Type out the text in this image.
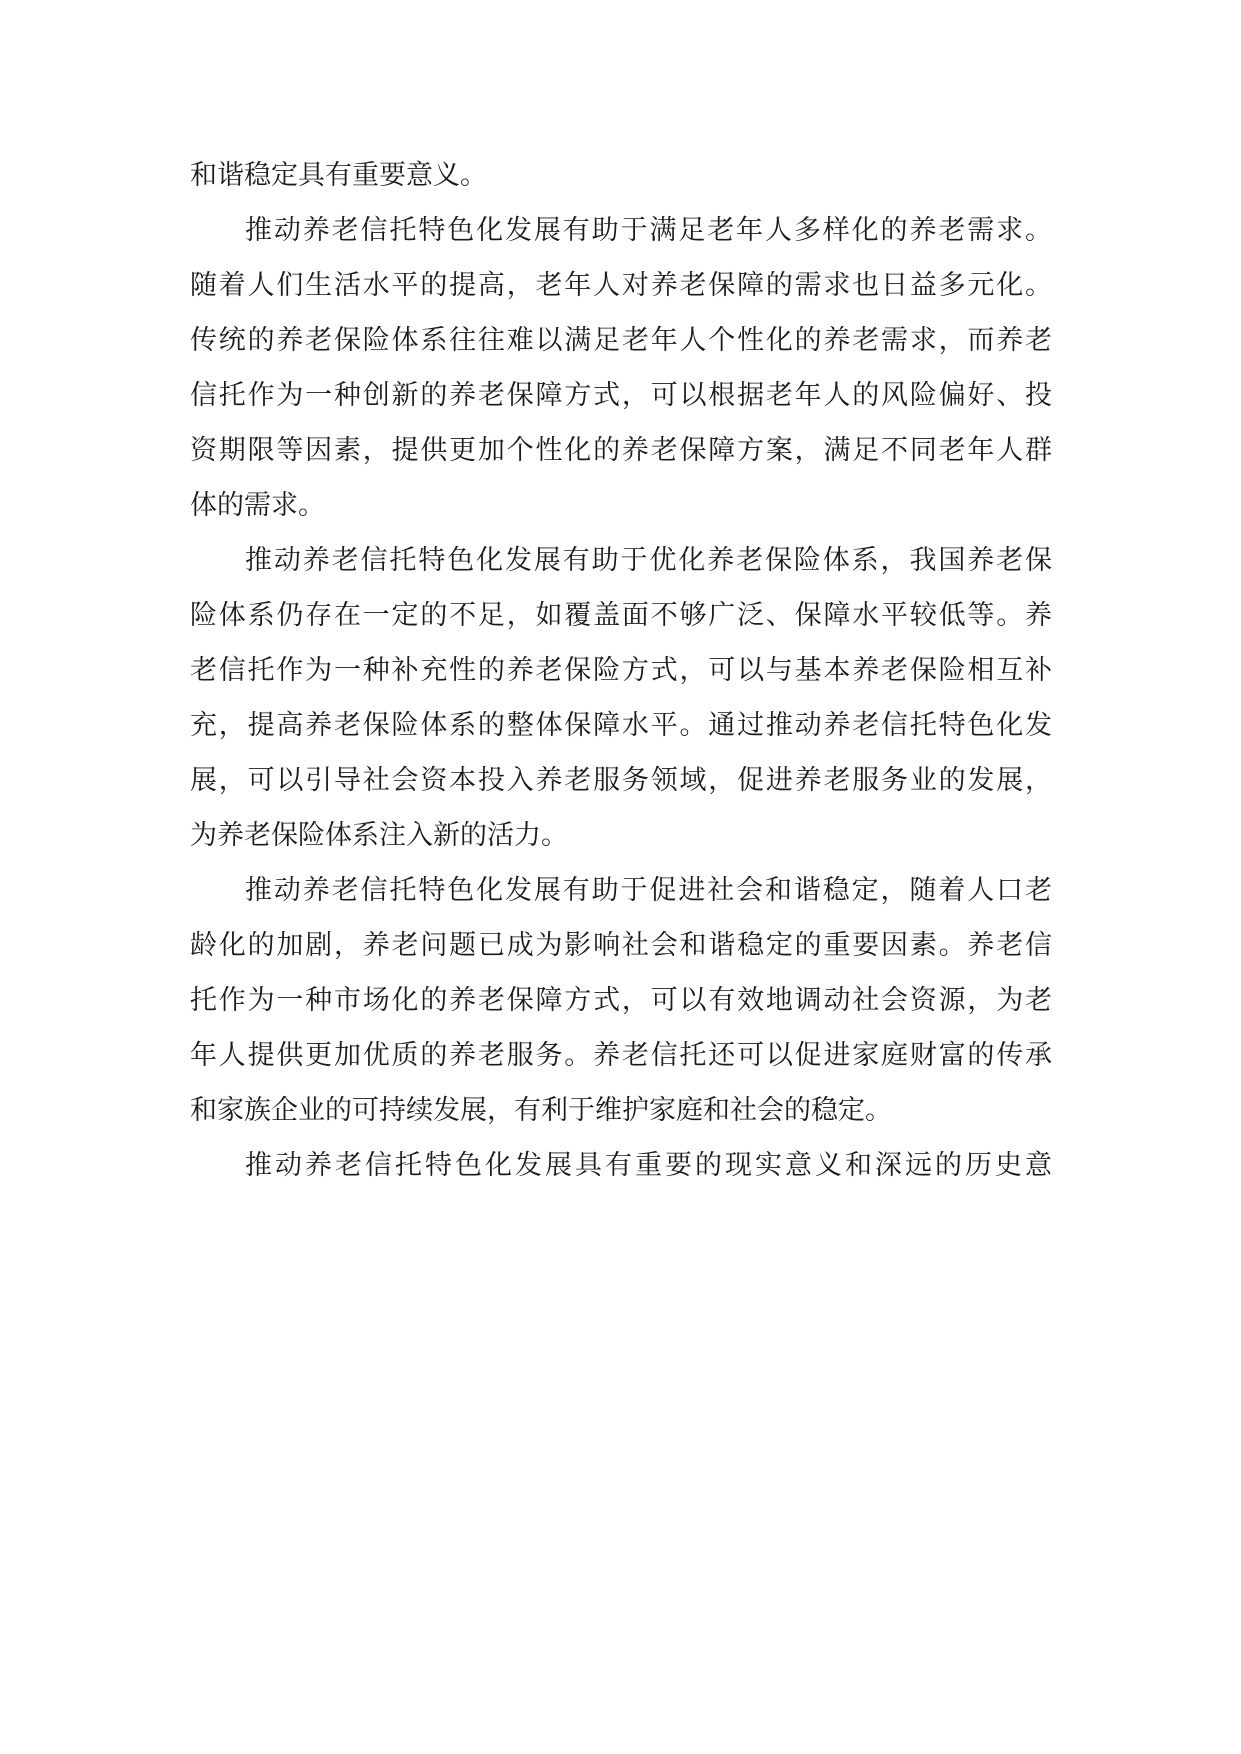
和谐稳定具有重要意义。
推动养老信托特色化发展有助于满足老年人多样化的养老需求。
随着人们生活水平的提高，老年人对养老保障的需求也日益多元化。
传统的养老保险体系往往难以满足老年人个性化的养老需求，而养老
信托作为一种创新的养老保障方式，可以根据老年人的风险偏好、投
资期限等因素，提供更加个性化的养老保障方案，满足不同老年人群
体的需求。
推动养老信托特色化发展有助于优化养老保险体系，我国养老保
险体系仍存在一定的不足，如覆盖面不够广泛、保障水平较低等。养
老信托作为一种补充性的养老保险方式，可以与基本养老保险相互补
充，提高养老保险体系的整体保障水平。通过推动养老信托特色化发
展，可以引导社会资本投入养老服务领域，促进养老服务业的发展，
为养老保险体系注入新的活力。
推动养老信托特色化发展有助于促进社会和谐稳定，随着人口老
龄化的加剧，养老问题已成为影响社会和谐稳定的重要因素。养老信
托作为一种市场化的养老保障方式，可以有效地调动社会资源，为老
年人提供更加优质的养老服务。养老信托还可以促进家庭财富的传承
和家族企业的可持续发展，有利于维护家庭和社会的稳定。
推动养老信托特色化发展具有重要的现实意义和深远的历史意
